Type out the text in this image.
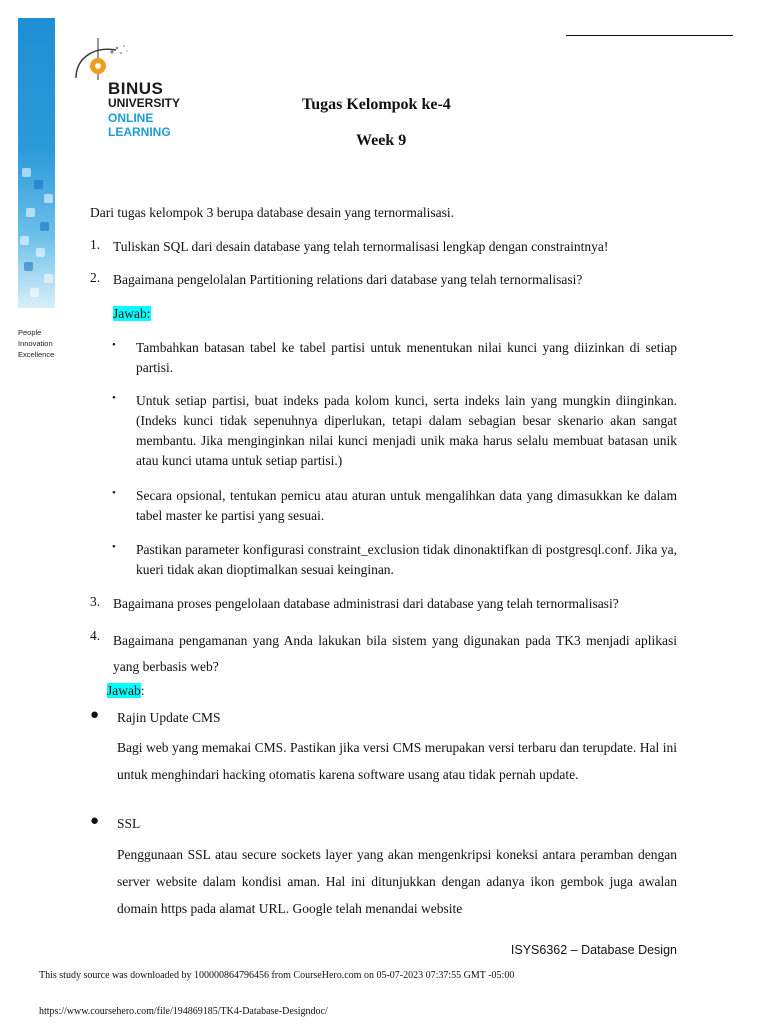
People
Innovation
Excellence
BINUS
UNIVERSITY
ONLINE
LEARNING
Tugas Kelompok ke-4
Week 9
Dari tugas kelompok 3 berupa database desain yang ternormalisasi.
1. Tuliskan SQL dari desain database yang telah ternormalisasi lengkap dengan constraintnya!
2. Bagaimana pengelolalan Partitioning relations dari database yang telah ternormalisasi?
Jawab:
• Tambahkan batasan tabel ke tabel partisi untuk menentukan nilai kunci yang diizinkan di setiap partisi.
• Untuk setiap partisi, buat indeks pada kolom kunci, serta indeks lain yang mungkin diinginkan. (Indeks kunci tidak sepenuhnya diperlukan, tetapi dalam sebagian besar skenario akan sangat membantu. Jika menginginkan nilai kunci menjadi unik maka harus selalu membuat batasan unik atau kunci utama untuk setiap partisi.)
• Secara opsional, tentukan pemicu atau aturan untuk mengalihkan data yang dimasukkan ke dalam tabel master ke partisi yang sesuai.
• Pastikan parameter konfigurasi constraint_exclusion tidak dinonaktifkan di postgresql.conf. Jika ya, kueri tidak akan dioptimalkan sesuai keinginan.
3. Bagaimana proses pengelolaan database administrasi dari database yang telah ternormalisasi?
4. Bagaimana pengamanan yang Anda lakukan bila sistem yang digunakan pada TK3 menjadi aplikasi yang berbasis web?
Jawab:
● Rajin Update CMS
Bagi web yang memakai CMS. Pastikan jika versi CMS merupakan versi terbaru dan terupdate. Hal ini untuk menghindari hacking otomatis karena software usang atau tidak pernah update.
● SSL
Penggunaan SSL atau secure sockets layer yang akan mengenkripsi koneksi antara peramban dengan server website dalam kondisi aman. Hal ini ditunjukkan dengan adanya ikon gembok juga awalan domain https pada alamat URL. Google telah menandai website
ISYS6362 – Database Design
This study source was downloaded by 100000864796456 from CourseHero.com on 05-07-2023 07:37:55 GMT -05:00
https://www.coursehero.com/file/194869185/TK4-Database-Designdoc/
